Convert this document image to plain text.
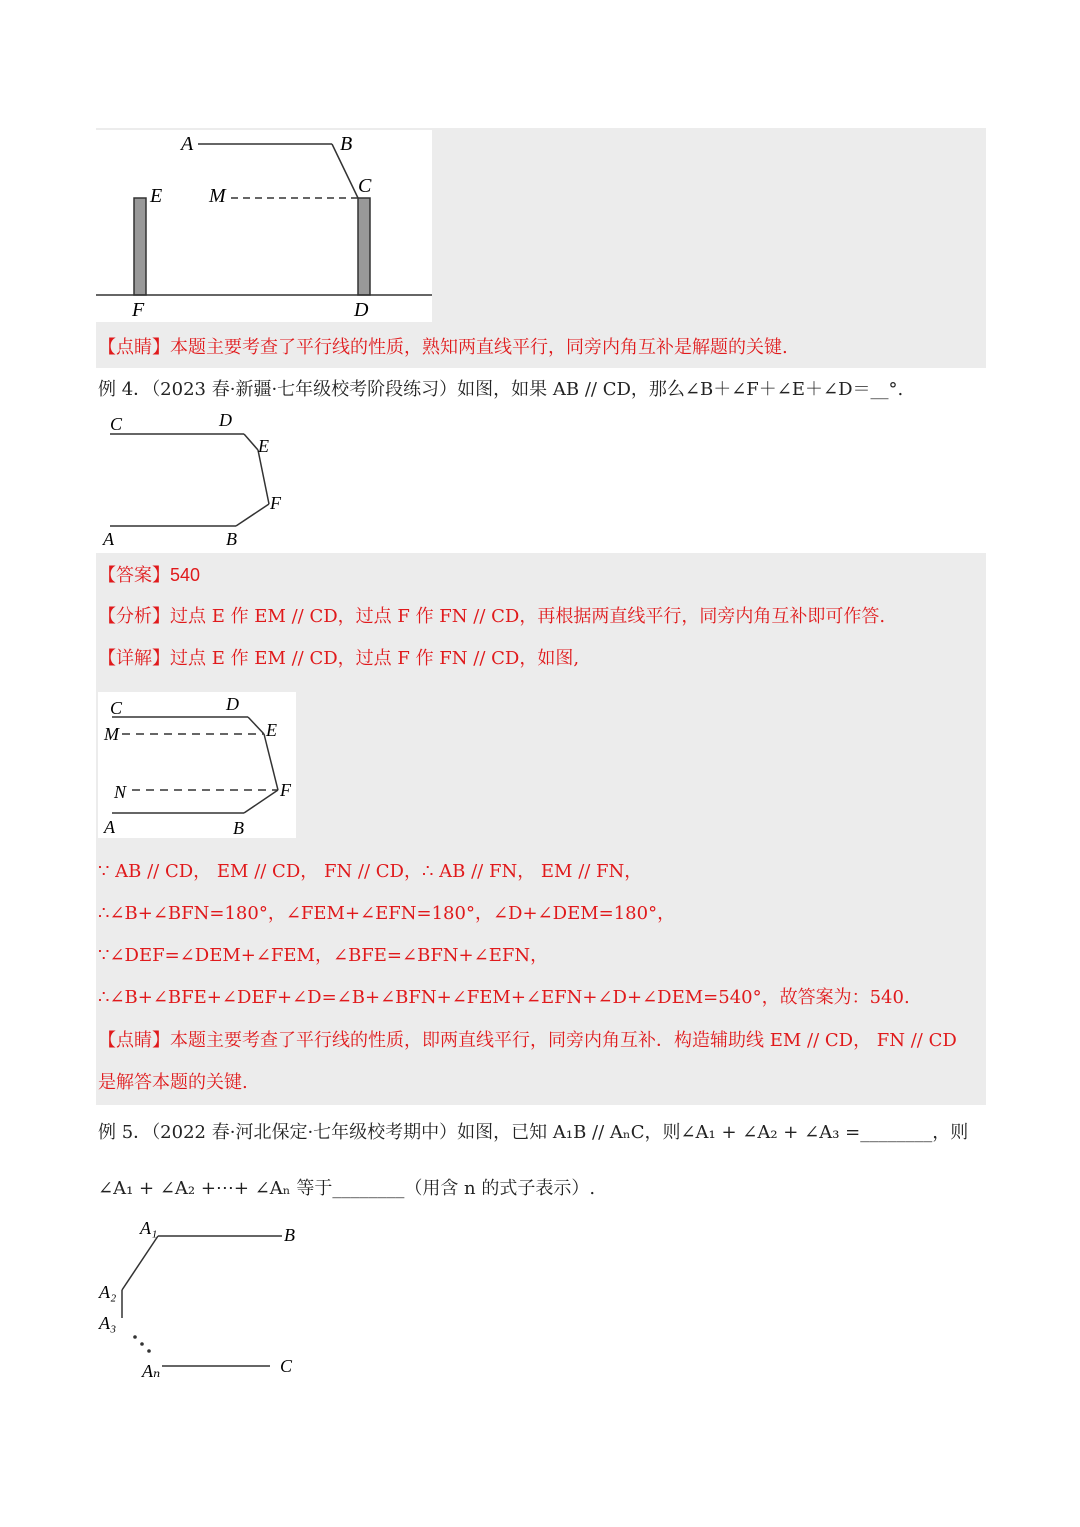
A	B
C
M
E
F	D
【点睛】本题主要考查了平行线的性质，熟知两直线平行，同旁内角互补是解题的关键.
例 4．（2023 春·新疆·七年级校考阶段练习）如图，如果 AB // CD，那么∠B＋∠F＋∠E＋∠D＝__°.
C	D
E
F
A	B
【答案】540
【分析】过点 E 作 EM // CD，过点 F 作 FN // CD，再根据两直线平行，同旁内角互补即可作答.
【详解】过点 E 作 EM // CD，过点 F 作 FN // CD，如图,
C	D
M	E
N	F
A	B
∵ AB // CD， EM // CD， FN // CD，∴ AB // FN， EM // FN，
∴∠B+∠BFN=180°，∠FEM+∠EFN=180°，∠D+∠DEM=180°，
∵∠DEF=∠DEM+∠FEM，∠BFE=∠BFN+∠EFN，
∴∠B+∠BFE+∠DEF+∠D=∠B+∠BFN+∠FEM+∠EFN+∠D+∠DEM=540°，故答案为：540.
【点睛】本题主要考查了平行线的性质，即两直线平行，同旁内角互补．构造辅助线 EM // CD， FN // CD
是解答本题的关键.
例 5．（2022 春·河北保定·七年级校考期中）如图，已知 A₁B // AₙC，则∠A₁ + ∠A₂ + ∠A₃ =________，则
∠A₁ + ∠A₂ +⋯+ ∠Aₙ 等于________（用含 n 的式子表示）.
A₁	B
A₂
A₃
Aₙ	C
